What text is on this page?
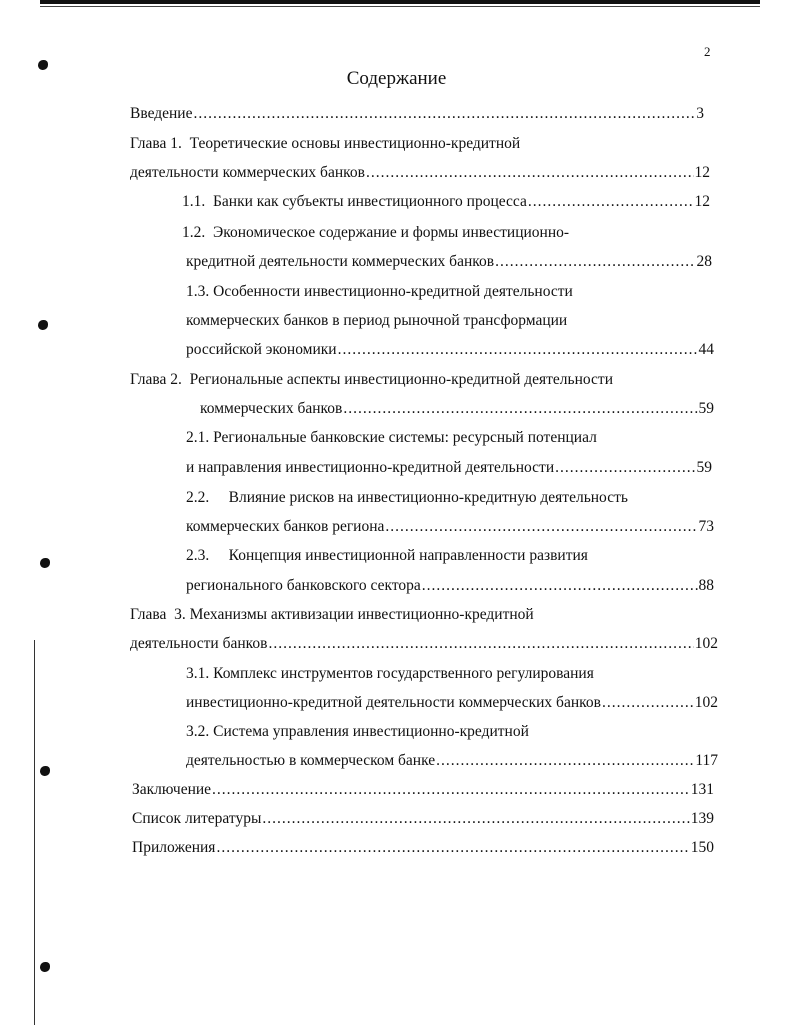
2
Содержание
Введение .....	3
Глава 1.  Теоретические основы инвестиционно-кредитной
деятельности коммерческих банков .....	12
1.1.  Банки как субъекты инвестиционного процесса .....	12
1.2.  Экономическое содержание и формы инвестиционно-
кредитной деятельности коммерческих банков .....	28
1.3. Особенности инвестиционно-кредитной деятельности
коммерческих банков в период рыночной трансформации
российской экономики .....	44
Глава 2.  Региональные аспекты инвестиционно-кредитной деятельности
коммерческих банков .....	59
2.1. Региональные банковские системы: ресурсный потенциал
и направления инвестиционно-кредитной деятельности .....	59
2.2.     Влияние рисков на инвестиционно-кредитную деятельность
коммерческих банков региона .....	73
2.3.     Концепция инвестиционной направленности развития
регионального банковского сектора .....	88
Глава  3. Механизмы активизации инвестиционно-кредитной
деятельности банков .....	102
3.1. Комплекс инструментов государственного регулирования
инвестиционно-кредитной деятельности коммерческих банков .....	102
3.2. Система управления инвестиционно-кредитной
деятельностью в коммерческом банке .....	117
Заключение .....	131
Список литературы .....	139
Приложения .....	150
